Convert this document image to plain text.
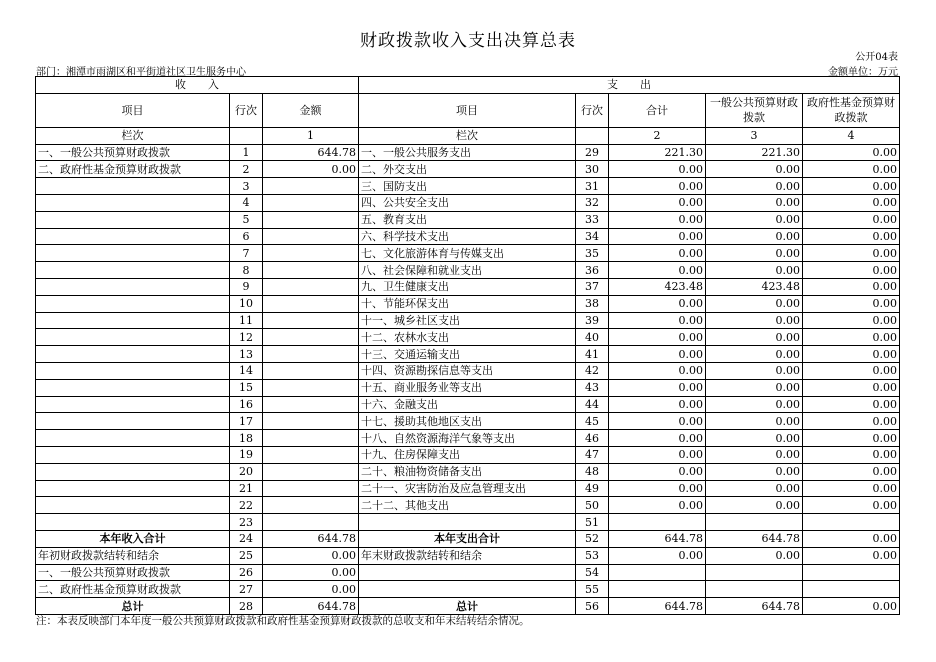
财政拨款收入支出决算总表
公开04表
部门：湘潭市雨湖区和平街道社区卫生服务中心	金额单位：万元
收　　入			支　　出				
项目	行次	金额	项目	行次	合计	一般公共预算财政拨款	政府性基金预算财政拨款
栏次		1	栏次		2	3	4
一、一般公共预算财政拨款	1	644.78	一、一般公共服务支出	29	221.30	221.30	0.00
二、政府性基金预算财政拨款	2	0.00	二、外交支出	30	0.00	0.00	0.00
	3		三、国防支出	31	0.00	0.00	0.00
	4		四、公共安全支出	32	0.00	0.00	0.00
	5		五、教育支出	33	0.00	0.00	0.00
	6		六、科学技术支出	34	0.00	0.00	0.00
	7		七、文化旅游体育与传媒支出	35	0.00	0.00	0.00
	8		八、社会保障和就业支出	36	0.00	0.00	0.00
	9		九、卫生健康支出	37	423.48	423.48	0.00
	10		十、节能环保支出	38	0.00	0.00	0.00
	11		十一、城乡社区支出	39	0.00	0.00	0.00
	12		十二、农林水支出	40	0.00	0.00	0.00
	13		十三、交通运输支出	41	0.00	0.00	0.00
	14		十四、资源勘探信息等支出	42	0.00	0.00	0.00
	15		十五、商业服务业等支出	43	0.00	0.00	0.00
	16		十六、金融支出	44	0.00	0.00	0.00
	17		十七、援助其他地区支出	45	0.00	0.00	0.00
	18		十八、自然资源海洋气象等支出	46	0.00	0.00	0.00
	19		十九、住房保障支出	47	0.00	0.00	0.00
	20		二十、粮油物资储备支出	48	0.00	0.00	0.00
	21		二十一、灾害防治及应急管理支出	49	0.00	0.00	0.00
	22		二十二、其他支出	50	0.00	0.00	0.00
	23			51			
本年收入合计	24	644.78	本年支出合计	52	644.78	644.78	0.00
年初财政拨款结转和结余	25	0.00	年末财政拨款结转和结余	53	0.00	0.00	0.00
一、一般公共预算财政拨款	26	0.00		54			
二、政府性基金预算财政拨款	27	0.00		55			
总计	28	644.78	总计	56	644.78	644.78	0.00
注：本表反映部门本年度一般公共预算财政拨款和政府性基金预算财政拨款的总收支和年末结转结余情况。
